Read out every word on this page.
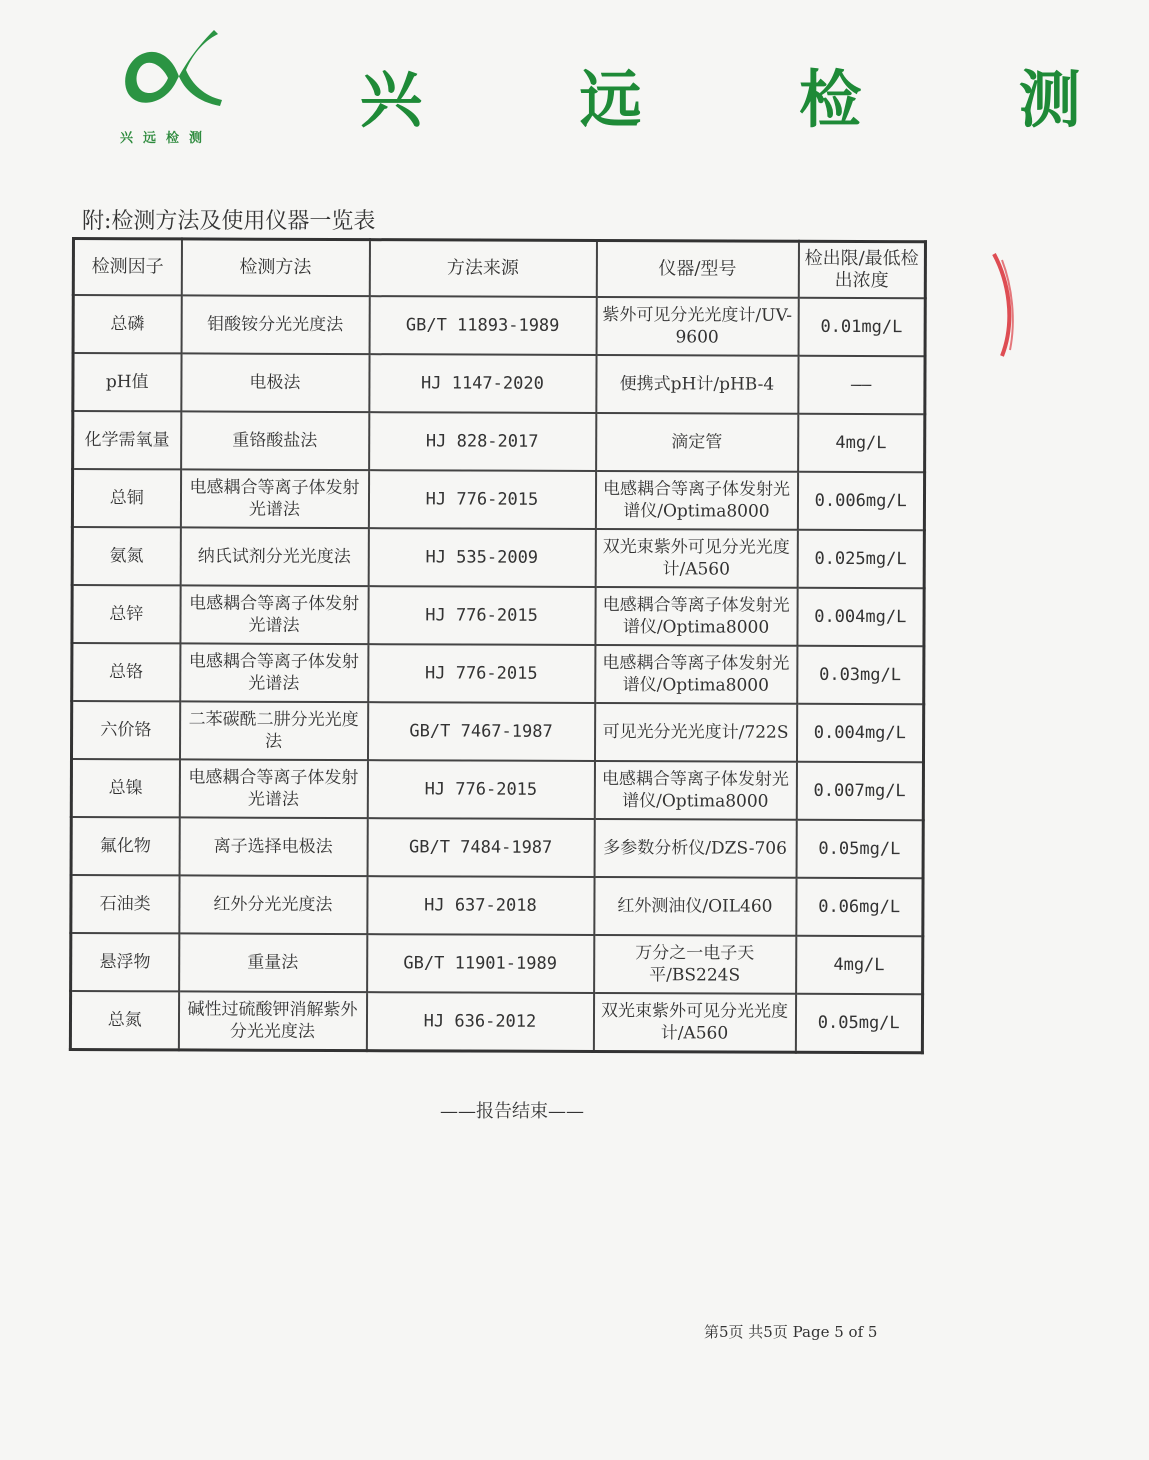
兴远检测
兴 远 检 测
附:检测方法及使用仪器一览表
检测因子	检测方法	方法来源	仪器/型号	检出限/最低检出浓度
总磷	钼酸铵分光光度法	GB/T 11893-1989	紫外可见分光光度计/UV-9600	0.01mg/L
pH值	电极法	HJ 1147-2020	便携式pH计/pHB-4	——
化学需氧量	重铬酸盐法	HJ 828-2017	滴定管	4mg/L
总铜	电感耦合等离子体发射光谱法	HJ 776-2015	电感耦合等离子体发射光谱仪/Optima8000	0.006mg/L
氨氮	纳氏试剂分光光度法	HJ 535-2009	双光束紫外可见分光光度计/A560	0.025mg/L
总锌	电感耦合等离子体发射光谱法	HJ 776-2015	电感耦合等离子体发射光谱仪/Optima8000	0.004mg/L
总铬	电感耦合等离子体发射光谱法	HJ 776-2015	电感耦合等离子体发射光谱仪/Optima8000	0.03mg/L
六价铬	二苯碳酰二肼分光光度法	GB/T 7467-1987	可见光分光光度计/722S	0.004mg/L
总镍	电感耦合等离子体发射光谱法	HJ 776-2015	电感耦合等离子体发射光谱仪/Optima8000	0.007mg/L
氟化物	离子选择电极法	GB/T 7484-1987	多参数分析仪/DZS-706	0.05mg/L
石油类	红外分光光度法	HJ 637-2018	红外测油仪/OIL460	0.06mg/L
悬浮物	重量法	GB/T 11901-1989	万分之一电子天平/BS224S	4mg/L
总氮	碱性过硫酸钾消解紫外分光光度法	HJ 636-2012	双光束紫外可见分光光度计/A560	0.05mg/L
——报告结束——
第5页 共5页 Page 5 of 5
